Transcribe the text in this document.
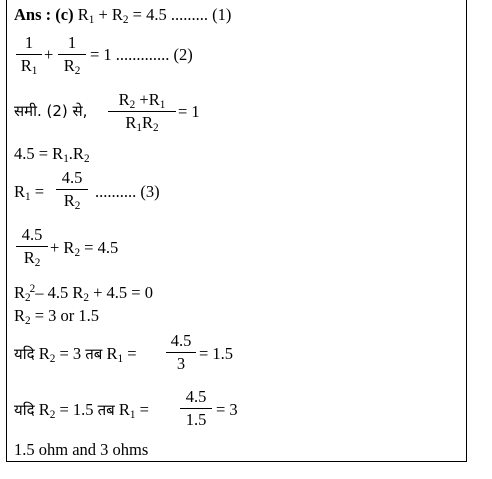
Ans : (c) $R_1 + R_2 = 4.5$ ......... (1)
1
$R_1$
+
1
$R_2$
= 1 ............. (2)
समी. (2) से,
$R_2 +R_1$
$R_1R_2$
= 1
$4.5 = R_1.R_2$
$R_1$ =
4.5
$R_2$
.......... (3)
4.5
$R_2$
+ $R_2 = 4.5$
$R_2^2-$ 4.5 $R_2 + 4.5 = 0$
$R_2 = 3$ or 1.5
यदि $R_2 = 3$ तब $R_1$ =
4.5
3 = 1.5
यदि $R_2 = 1.5$ तब $R_1$ =
4.5
1.5 = 3
1.5 ohm and 3 ohms
